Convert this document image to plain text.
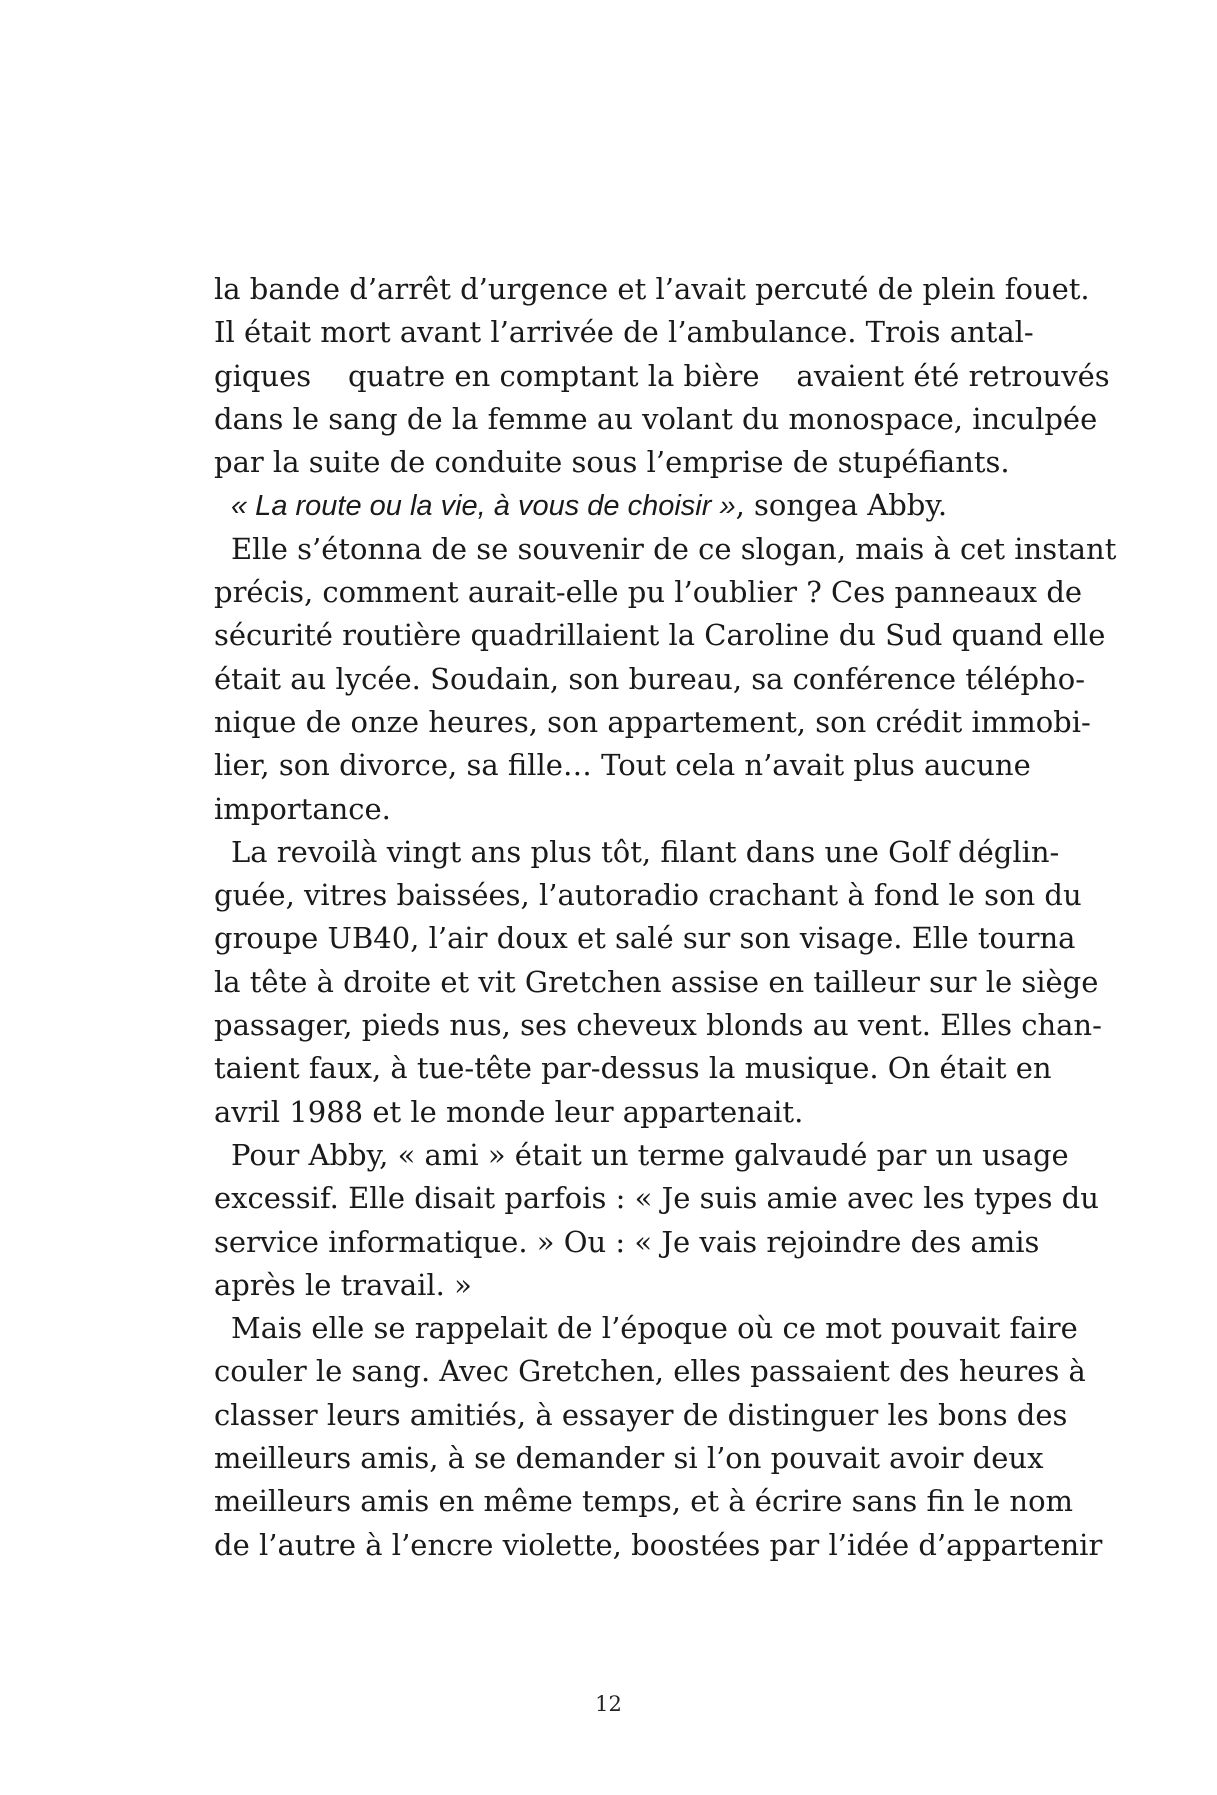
la bande d’arrêt d’urgence et l’avait percuté de plein fouet.
Il était mort avant l’arrivée de l’ambulance. Trois antal-
giques    quatre en comptant la bière    avaient été retrouvés
dans le sang de la femme au volant du monospace, inculpée
par la suite de conduite sous l’emprise de stupéfiants.
« La route ou la vie, à vous de choisir », songea Abby.
Elle s’étonna de se souvenir de ce slogan, mais à cet instant
précis, comment aurait-elle pu l’oublier ? Ces panneaux de
sécurité routière quadrillaient la Caroline du Sud quand elle
était au lycée. Soudain, son bureau, sa conférence télépho-
nique de onze heures, son appartement, son crédit immobi-
lier, son divorce, sa fille… Tout cela n’avait plus aucune
importance.
La revoilà vingt ans plus tôt, filant dans une Golf déglin-
guée, vitres baissées, l’autoradio crachant à fond le son du
groupe UB40, l’air doux et salé sur son visage. Elle tourna
la tête à droite et vit Gretchen assise en tailleur sur le siège
passager, pieds nus, ses cheveux blonds au vent. Elles chan-
taient faux, à tue-tête par-dessus la musique. On était en
avril 1988 et le monde leur appartenait.
Pour Abby, « ami » était un terme galvaudé par un usage
excessif. Elle disait parfois : « Je suis amie avec les types du
service informatique. » Ou : « Je vais rejoindre des amis
après le travail. »
Mais elle se rappelait de l’époque où ce mot pouvait faire
couler le sang. Avec Gretchen, elles passaient des heures à
classer leurs amitiés, à essayer de distinguer les bons des
meilleurs amis, à se demander si l’on pouvait avoir deux
meilleurs amis en même temps, et à écrire sans fin le nom
de l’autre à l’encre violette, boostées par l’idée d’appartenir
12
